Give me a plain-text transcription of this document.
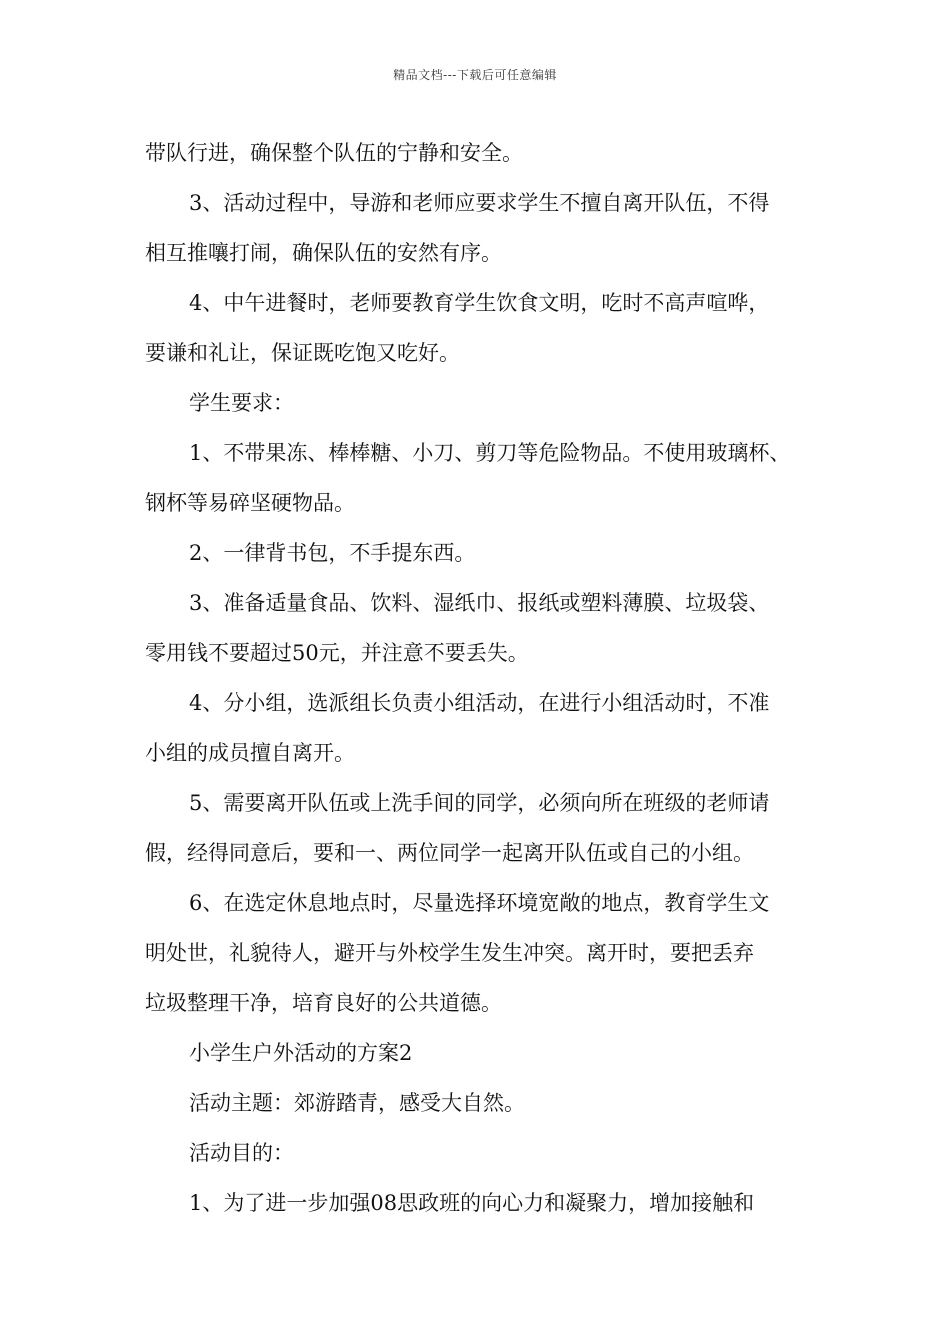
精品文档---下载后可任意编辑
带队行进，确保整个队伍的宁静和安全。
3、活动过程中，导游和老师应要求学生不擅自离开队伍，不得
相互推嚷打闹，确保队伍的安然有序。
4、中午进餐时，老师要教育学生饮食文明，吃时不高声喧哗，
要谦和礼让，保证既吃饱又吃好。
学生要求：
1、不带果冻、棒棒糖、小刀、剪刀等危险物品。不使用玻璃杯、
钢杯等易碎坚硬物品。
2、一律背书包，不手提东西。
3、准备适量食品、饮料、湿纸巾、报纸或塑料薄膜、垃圾袋、
零用钱不要超过50元，并注意不要丢失。
4、分小组，选派组长负责小组活动，在进行小组活动时，不准
小组的成员擅自离开。
5、需要离开队伍或上洗手间的同学，必须向所在班级的老师请
假，经得同意后，要和一、两位同学一起离开队伍或自己的小组。
6、在选定休息地点时，尽量选择环境宽敞的地点，教育学生文
明处世，礼貌待人，避开与外校学生发生冲突。离开时，要把丢弃
垃圾整理干净，培育良好的公共道德。
小学生户外活动的方案2
活动主题：郊游踏青，感受大自然。
活动目的：
1、为了进一步加强08思政班的向心力和凝聚力，增加接触和
